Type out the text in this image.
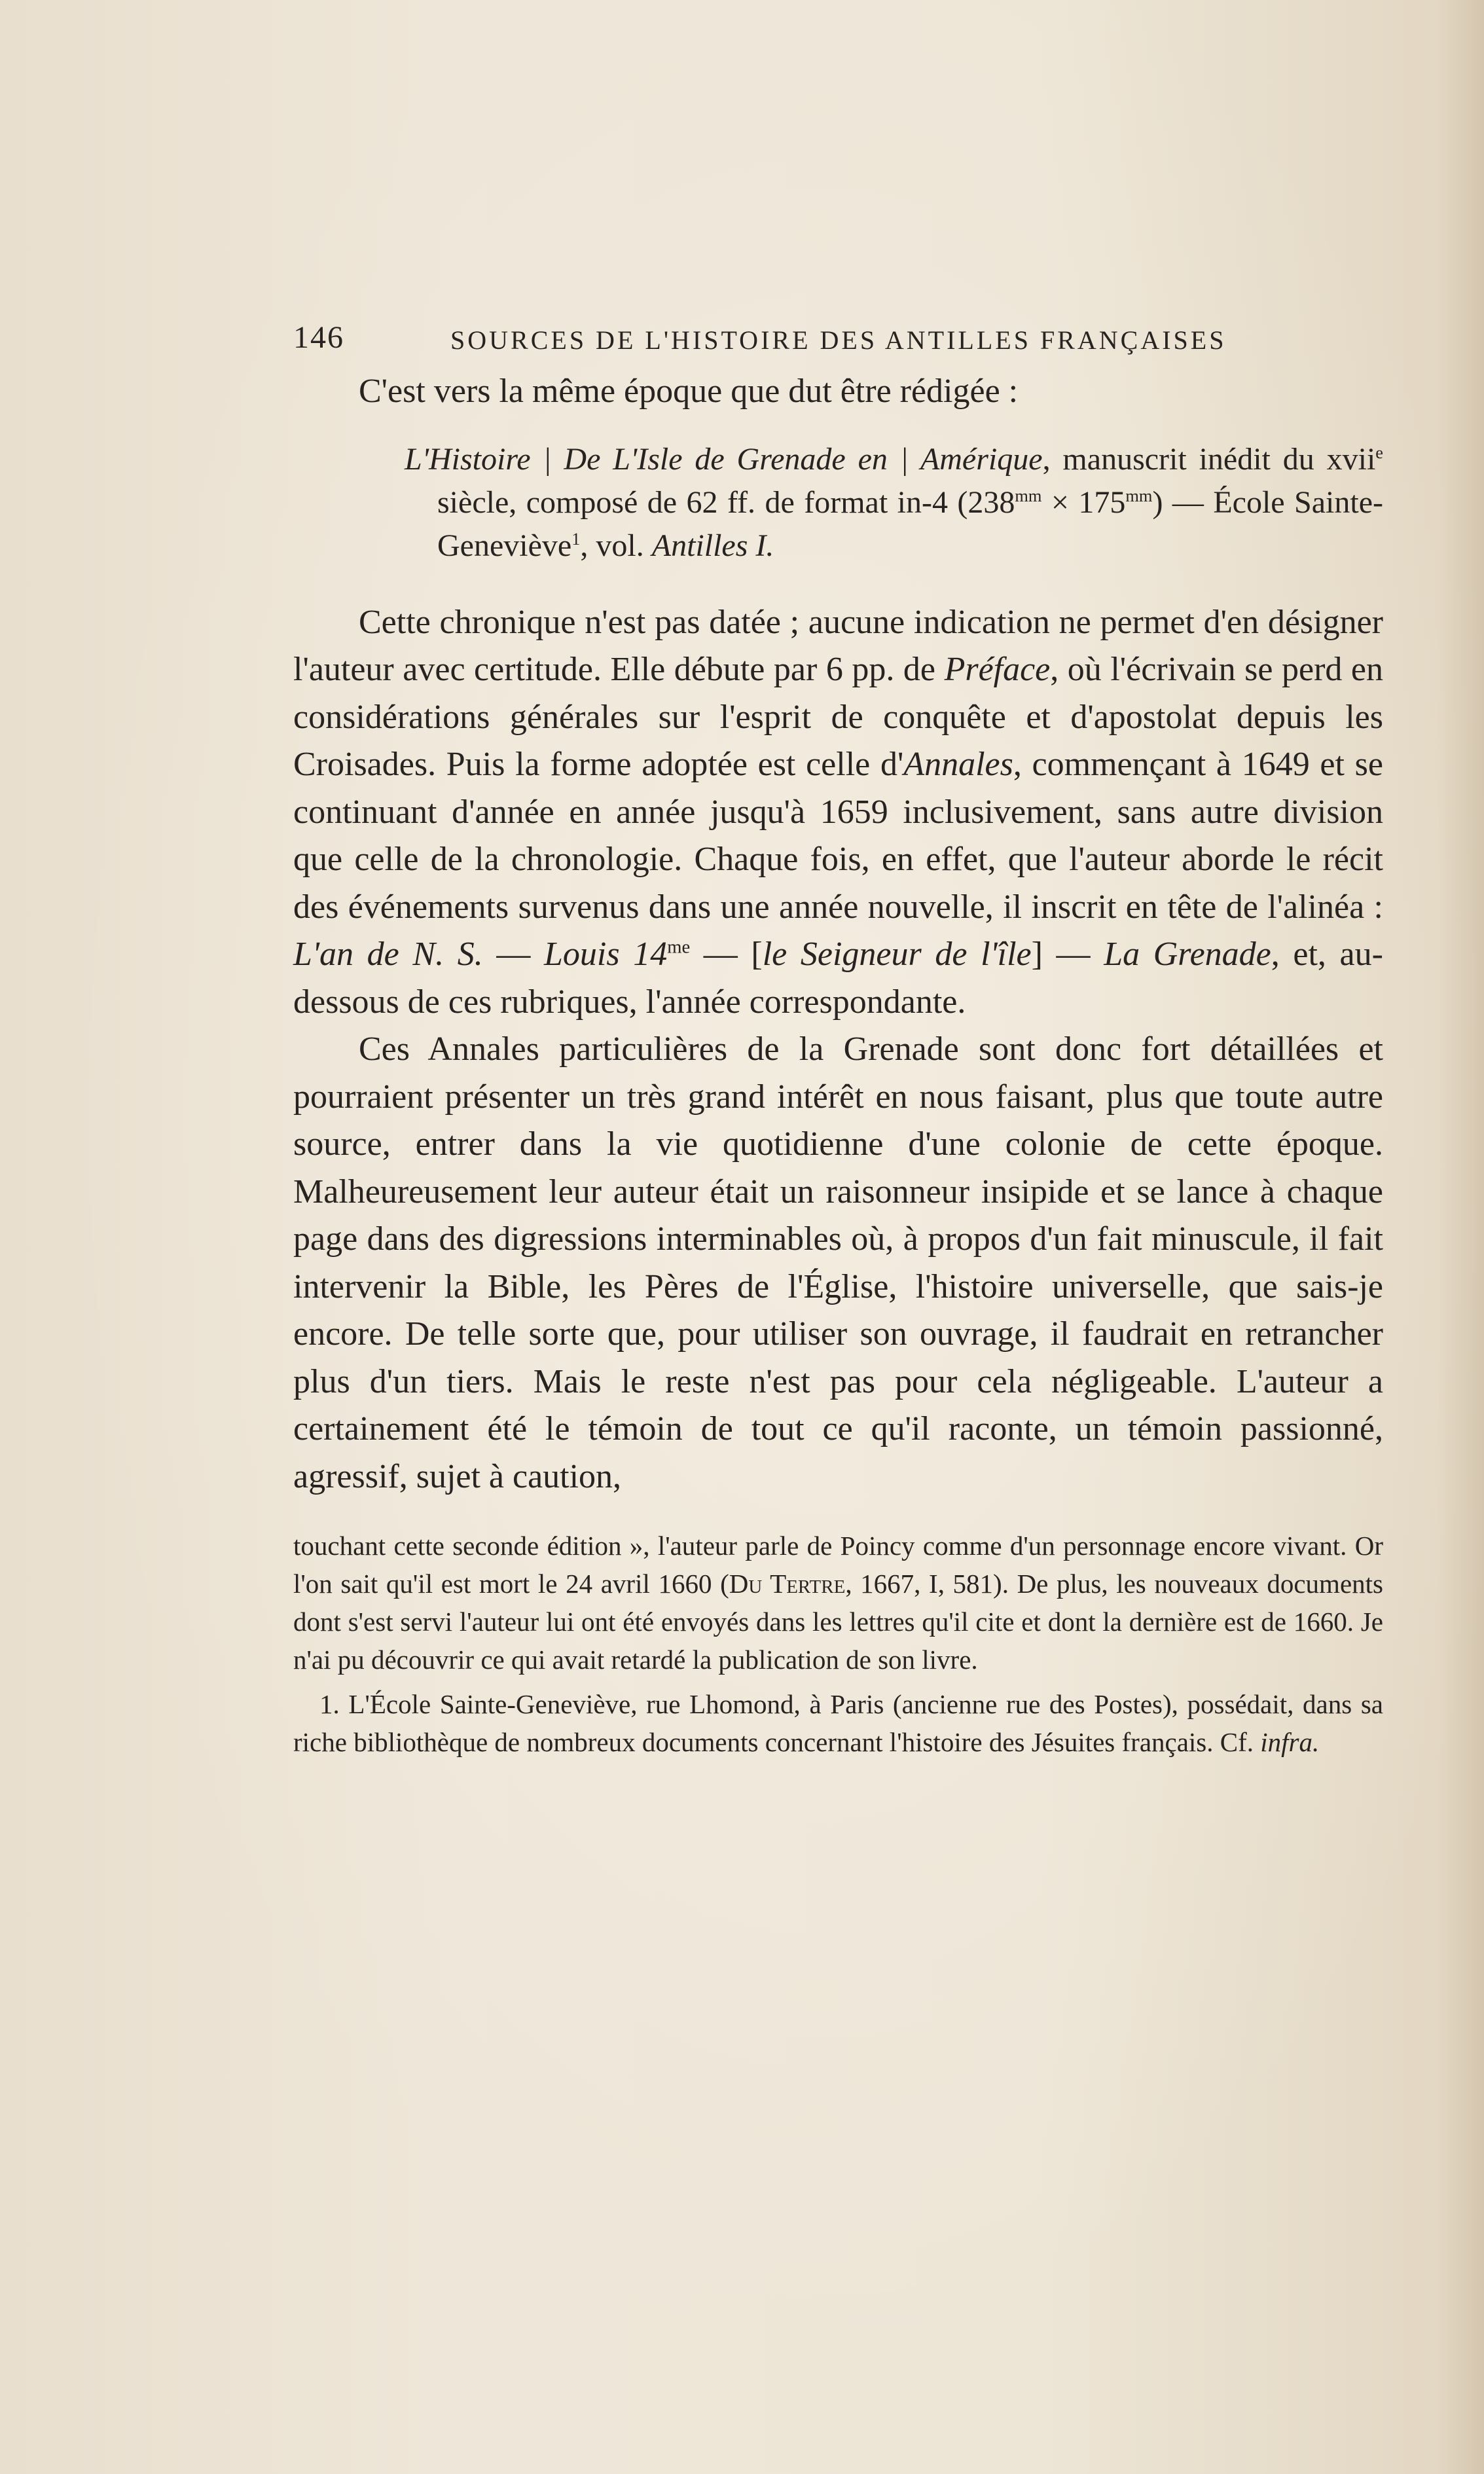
146	SOURCES DE L'HISTOIRE DES ANTILLES FRANÇAISES

C'est vers la même époque que dut être rédigée :

L'Histoire | De L'Isle de Grenade en | Amérique, manuscrit inédit du xvii$^e$ siècle, composé de 62 ff. de format in-4 $(238^{mm} \times 175^{mm})$ — École Sainte-Geneviève$^1$, vol. Antilles I.

Cette chronique n'est pas datée ; aucune indication ne permet d'en désigner l'auteur avec certitude. Elle débute par 6 pp. de Préface, où l'écrivain se perd en considérations générales sur l'esprit de conquête et d'apostolat depuis les Croisades. Puis la forme adoptée est celle d'Annales, commençant à 1649 et se continuant d'année en année jusqu'à 1659 inclusivement, sans autre division que celle de la chronologie. Chaque fois, en effet, que l'auteur aborde le récit des événements survenus dans une année nouvelle, il inscrit en tête de l'alinéa : L'an de N. S. — Louis $14^{me}$ — [le Seigneur de l'île] — La Grenade, et, au-dessous de ces rubriques, l'année correspondante.

Ces Annales particulières de la Grenade sont donc fort détaillées et pourraient présenter un très grand intérêt en nous faisant, plus que toute autre source, entrer dans la vie quotidienne d'une colonie de cette époque. Malheureusement leur auteur était un raisonneur insipide et se lance à chaque page dans des digressions interminables où, à propos d'un fait minuscule, il fait intervenir la Bible, les Pères de l'Église, l'histoire universelle, que sais-je encore. De telle sorte que, pour utiliser son ouvrage, il faudrait en retrancher plus d'un tiers. Mais le reste n'est pas pour cela négligeable. L'auteur a certainement été le témoin de tout ce qu'il raconte, un témoin passionné, agressif, sujet à caution,

touchant cette seconde édition », l'auteur parle de Poincy comme d'un personnage encore vivant. Or l'on sait qu'il est mort le 24 avril 1660 (Du Tertre, 1667, I, 581). De plus, les nouveaux documents dont s'est servi l'auteur lui ont été envoyés dans les lettres qu'il cite et dont la dernière est de 1660. Je n'ai pu découvrir ce qui avait retardé la publication de son livre.

1. L'École Sainte-Geneviève, rue Lhomond, à Paris (ancienne rue des Postes), possédait, dans sa riche bibliothèque de nombreux documents concernant l'histoire des Jésuites français. Cf. infra.
